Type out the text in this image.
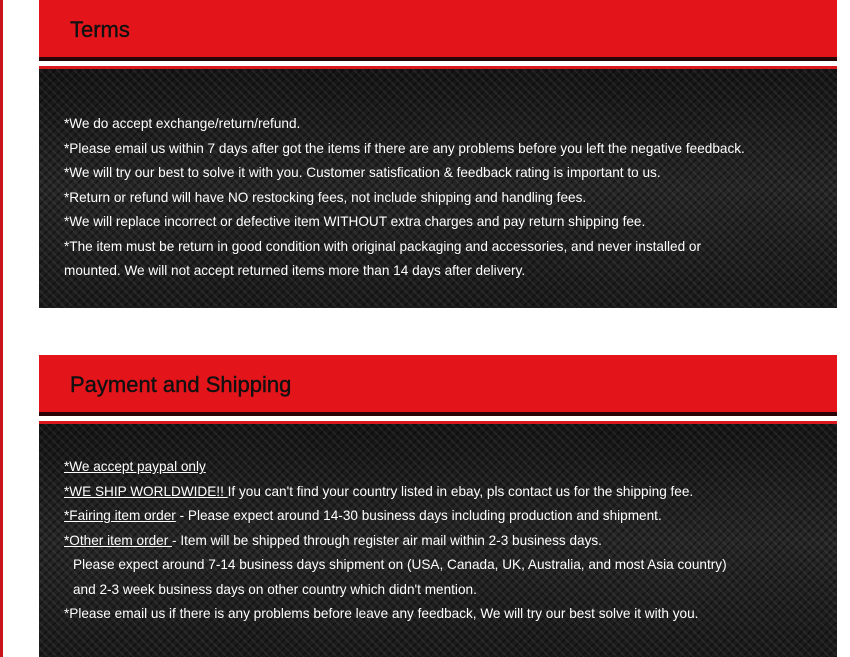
Terms
*We do accept exchange/return/refund.
*Please email us within 7 days after got the items if there are any problems before you left the negative feedback.
*We will try our best to solve it with you. Customer satisfication & feedback rating is important to us.
*Return or refund will have NO restocking fees, not include shipping and handling fees.
*We will replace incorrect or defective item WITHOUT extra charges and pay return shipping fee.
*The item must be return in good condition with original packaging and accessories, and never installed or
mounted. We will not accept returned items more than 14 days after delivery.
Payment and Shipping
*We accept paypal only
*WE SHIP WORLDWIDE!! If you can't find your country listed in ebay, pls contact us for the shipping fee.
*Fairing item order - Please expect around 14-30 business days including production and shipment.
*Other item order - Item will be shipped through register air mail within 2-3 business days.
Please expect around 7-14 business days shipment on (USA, Canada, UK, Australia, and most Asia country)
and 2-3 week business days on other country which didn't mention.
*Please email us if there is any problems before leave any feedback, We will try our best solve it with you.
